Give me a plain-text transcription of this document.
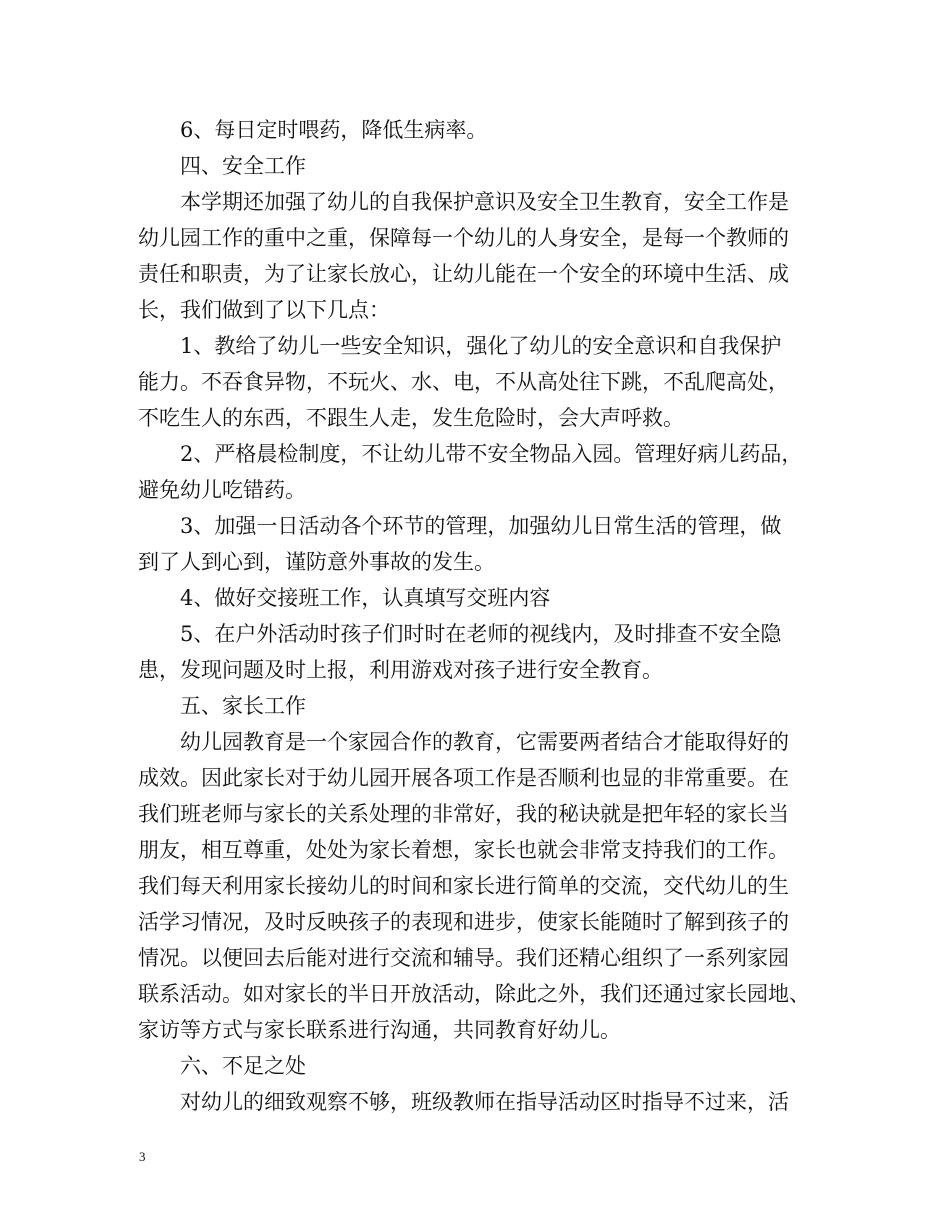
6、每日定时喂药，降低生病率。
四、安全工作
本学期还加强了幼儿的自我保护意识及安全卫生教育，安全工作是
幼儿园工作的重中之重，保障每一个幼儿的人身安全，是每一个教师的
责任和职责，为了让家长放心，让幼儿能在一个安全的环境中生活、成
长，我们做到了以下几点：
1、教给了幼儿一些安全知识，强化了幼儿的安全意识和自我保护
能力。不吞食异物，不玩火、水、电，不从高处往下跳，不乱爬高处，
不吃生人的东西，不跟生人走，发生危险时，会大声呼救。
2、严格晨检制度，不让幼儿带不安全物品入园。管理好病儿药品，
避免幼儿吃错药。
3、加强一日活动各个环节的管理，加强幼儿日常生活的管理，做
到了人到心到，谨防意外事故的发生。
4、做好交接班工作，认真填写交班内容
5、在户外活动时孩子们时时在老师的视线内，及时排查不安全隐
患，发现问题及时上报，利用游戏对孩子进行安全教育。
五、家长工作
幼儿园教育是一个家园合作的教育，它需要两者结合才能取得好的
成效。因此家长对于幼儿园开展各项工作是否顺利也显的非常重要。在
我们班老师与家长的关系处理的非常好，我的秘诀就是把年轻的家长当
朋友，相互尊重，处处为家长着想，家长也就会非常支持我们的工作。
我们每天利用家长接幼儿的时间和家长进行简单的交流，交代幼儿的生
活学习情况，及时反映孩子的表现和进步，使家长能随时了解到孩子的
情况。以便回去后能对进行交流和辅导。我们还精心组织了一系列家园
联系活动。如对家长的半日开放活动，除此之外，我们还通过家长园地、
家访等方式与家长联系进行沟通，共同教育好幼儿。
六、不足之处
对幼儿的细致观察不够，班级教师在指导活动区时指导不过来，活
3
